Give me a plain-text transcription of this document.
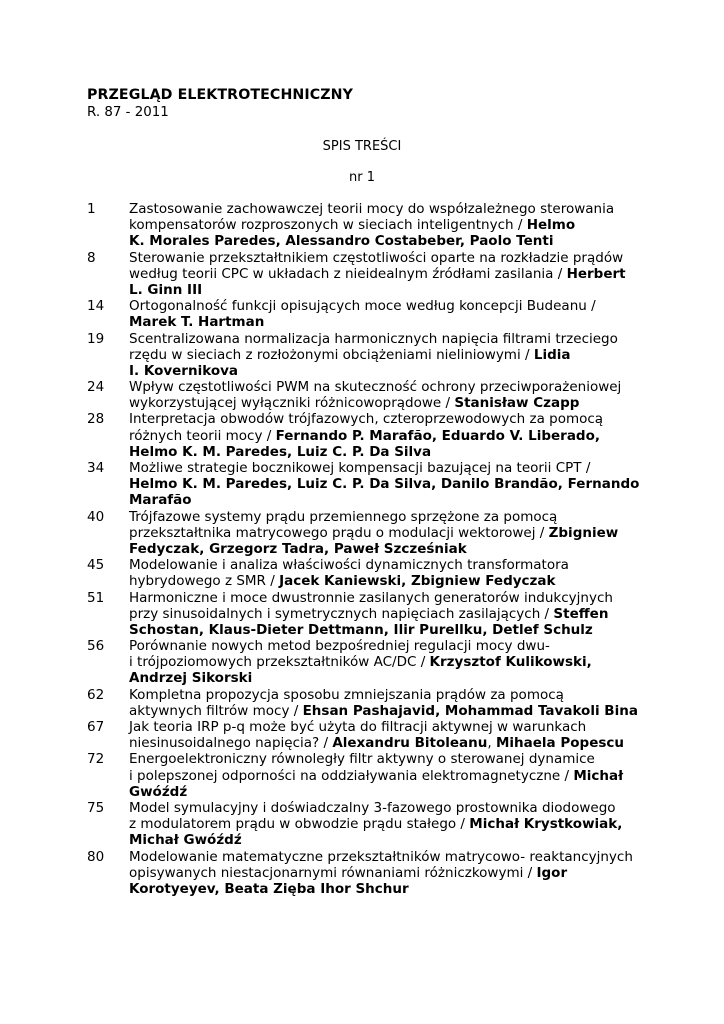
PRZEGLĄD ELEKTROTECHNICZNY
R. 87 - 2011
SPIS TREŚCI
nr 1
1	Zastosowanie zachowawczej teorii mocy do współzależnego sterowania
kompensatorów rozproszonych w sieciach inteligentnych / Helmo
K. Morales Paredes, Alessandro Costabeber, Paolo Tenti
8	Sterowanie przekształtnikiem częstotliwości oparte na rozkładzie prądów
według teorii CPC w układach z nieidealnym źródłami zasilania / Herbert
L. Ginn III
14	Ortogonalność funkcji opisujących moce według koncepcji Budeanu /
Marek T. Hartman
19	Scentralizowana normalizacja harmonicznych napięcia filtrami trzeciego
rzędu w sieciach z rozłożonymi obciążeniami nieliniowymi / Lidia
I. Kovernikova
24	Wpływ częstotliwości PWM na skuteczność ochrony przeciwporażeniowej
wykorzystującej wyłączniki różnicowoprądowe / Stanisław Czapp
28	Interpretacja obwodów trójfazowych, czteroprzewodowych za pomocą
różnych teorii mocy / Fernando P. Marafão, Eduardo V. Liberado,
Helmo K. M. Paredes, Luiz C. P. Da Silva
34	Możliwe strategie bocznikowej kompensacji bazującej na teorii CPT /
Helmo K. M. Paredes, Luiz C. P. Da Silva, Danilo Brandão, Fernando
Marafão
40	Trójfazowe systemy prądu przemiennego sprzężone za pomocą
przekształtnika matrycowego prądu o modulacji wektorowej / Zbigniew
Fedyczak, Grzegorz Tadra, Paweł Szcześniak
45	Modelowanie i analiza właściwości dynamicznych transformatora
hybrydowego z SMR / Jacek Kaniewski, Zbigniew Fedyczak
51	Harmoniczne i moce dwustronnie zasilanych generatorów indukcyjnych
przy sinusoidalnych i symetrycznych napięciach zasilających / Steffen
Schostan, Klaus-Dieter Dettmann, Ilir Purellku, Detlef Schulz
56	Porównanie nowych metod bezpośredniej regulacji mocy dwu-
i trójpoziomowych przekształtników AC/DC / Krzysztof Kulikowski,
Andrzej Sikorski
62	Kompletna propozycja sposobu zmniejszania prądów za pomocą
aktywnych filtrów mocy / Ehsan Pashajavid, Mohammad Tavakoli Bina
67	Jak teoria IRP p-q może być użyta do filtracji aktywnej w warunkach
niesinusoidalnego napięcia? / Alexandru Bitoleanu, Mihaela Popescu
72	Energoelektroniczny równoległy filtr aktywny o sterowanej dynamice
i polepszonej odporności na oddziaływania elektromagnetyczne / Michał
Gwóźdź
75	Model symulacyjny i doświadczalny 3-fazowego prostownika diodowego
z modulatorem prądu w obwodzie prądu stałego / Michał Krystkowiak,
Michał Gwóźdź
80	Modelowanie matematyczne przekształtników matrycowo- reaktancyjnych
opisywanych niestacjonarnymi równaniami różniczkowymi / Igor
Korotyeyev, Beata Zięba Ihor Shchur
